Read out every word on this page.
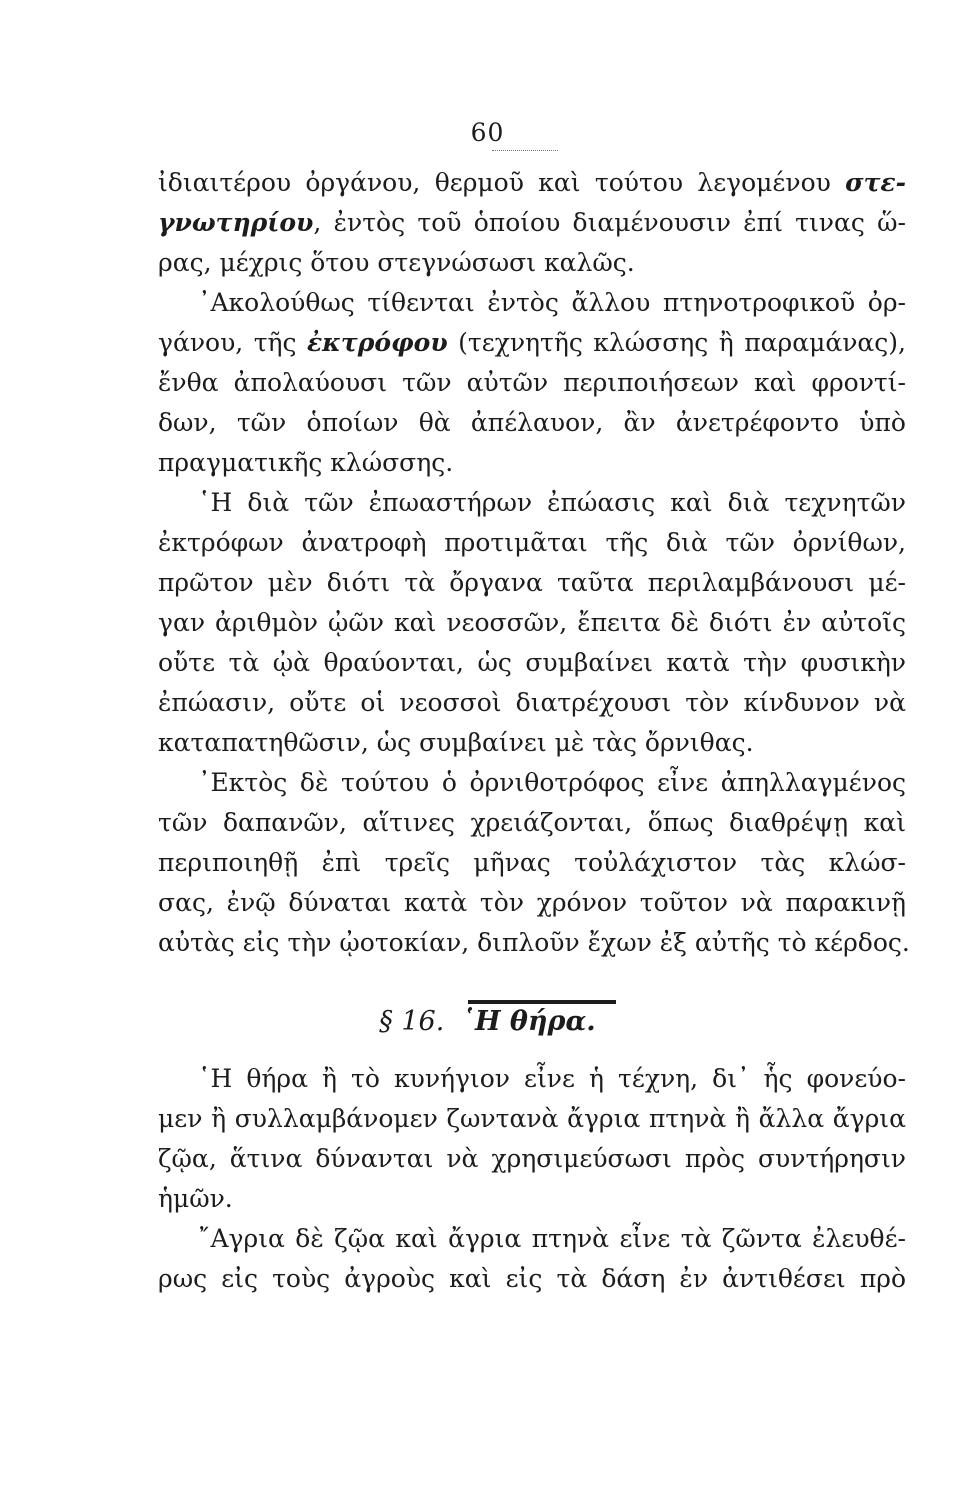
60
ἰδιαιτέρου ὀργάνου, θερμοῦ καὶ τούτου λεγομένου στε-
γνωτηρίου, ἐντὸς τοῦ ὁποίου διαμένουσιν ἐπί τινας ὥ-
ρας, μέχρις ὅτου στεγνώσωσι καλῶς.
᾿Ακολούθως τίθενται ἐντὸς ἄλλου πτηνοτροφικοῦ ὀρ-
γάνου, τῆς ἐκτρόφου (τεχνητῆς κλώσσης ἢ παραμάνας),
ἔνθα ἀπολαύουσι τῶν αὐτῶν περιποιήσεων καὶ φροντί-
δων, τῶν ὁποίων θὰ ἀπέλαυον, ἂν ἀνετρέφοντο ὑπὸ
πραγματικῆς κλώσσης.
῾Η διὰ τῶν ἐπωαστήρων ἐπώασις καὶ διὰ τεχνητῶν
ἐκτρόφων ἀνατροφὴ προτιμᾶται τῆς διὰ τῶν ὀρνίθων,
πρῶτον μὲν διότι τὰ ὄργανα ταῦτα περιλαμβάνουσι μέ-
γαν ἀριθμὸν ᾠῶν καὶ νεοσσῶν, ἔπειτα δὲ διότι ἐν αὐτοῖς
οὔτε τὰ ᾠὰ θραύονται, ὡς συμβαίνει κατὰ τὴν φυσικὴν
ἐπώασιν, οὔτε οἱ νεοσσοὶ διατρέχουσι τὸν κίνδυνον νὰ
καταπατηθῶσιν, ὡς συμβαίνει μὲ τὰς ὄρνιθας.
᾿Εκτὸς δὲ τούτου ὁ ὀρνιθοτρόφος εἶνε ἀπηλλαγμένος
τῶν δαπανῶν, αἵτινες χρειάζονται, ὅπως διαθρέψῃ καὶ
περιποιηθῇ ἐπὶ τρεῖς μῆνας τοὐλάχιστον τὰς κλώσ-
σας, ἐνῷ δύναται κατὰ τὸν χρόνον τοῦτον νὰ παρακινῇ
αὐτὰς εἰς τὴν ᾠοτοκίαν, διπλοῦν ἔχων ἐξ αὐτῆς τὸ κέρδος.
§ 16. ῾Η θήρα.
῾Η θήρα ἢ τὸ κυνήγιον εἶνε ἡ τέχνη, δι᾿ ἧς φονεύο-
μεν ἢ συλλαμβάνομεν ζωντανὰ ἄγρια πτηνὰ ἢ ἄλλα ἄγρια
ζῷα, ἅτινα δύνανται νὰ χρησιμεύσωσι πρὸς συντήρησιν
ἡμῶν.
῎Αγρια δὲ ζῷα καὶ ἄγρια πτηνὰ εἶνε τὰ ζῶντα ἐλευθέ-
ρως εἰς τοὺς ἀγροὺς καὶ εἰς τὰ δάση ἐν ἀντιθέσει πρὸ
